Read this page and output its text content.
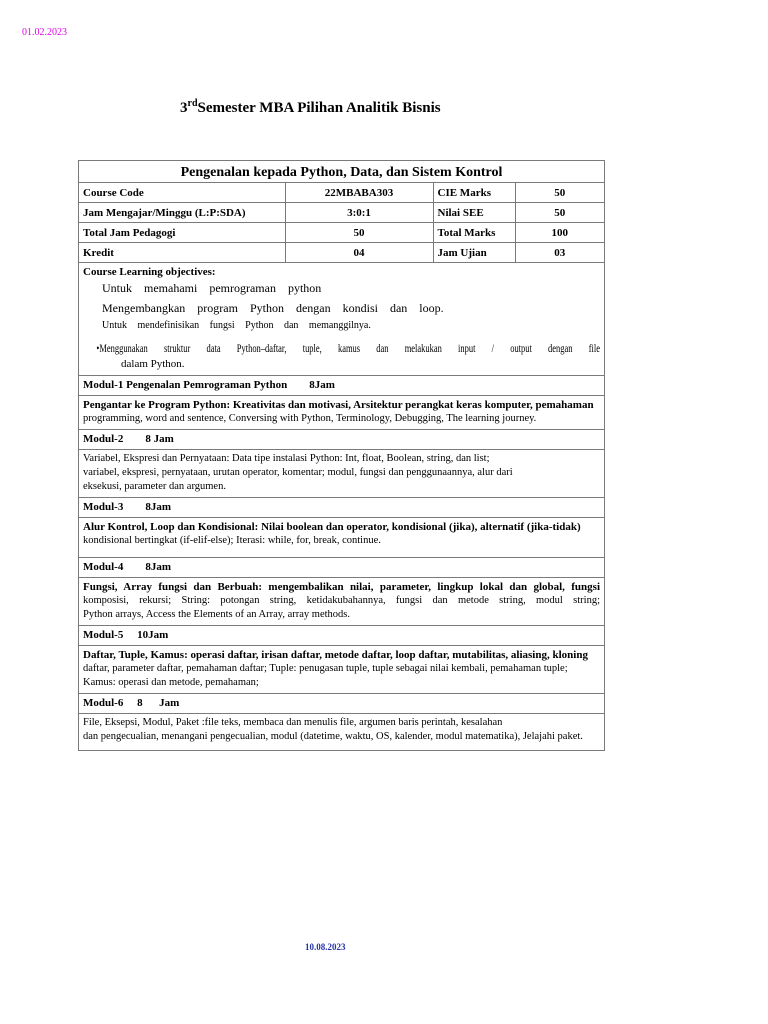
01.02.2023
3rdSemester MBA Pilihan Analitik Bisnis
Pengenalan kepada Python, Data, dan Sistem Kontrol
Course Code	22MBABA303	CIE Marks	50
Jam Mengajar/Minggu (L:P:SDA)	3:0:1	Nilai SEE	50
Total Jam Pedagogi	50	Total Marks	100
Kredit	04	Jam Ujian	03
Course Learning objectives:
Untuk memahami pemrograman python
Mengembangkan program Python dengan kondisi dan loop.
Untuk mendefinisikan fungsi Python dan memanggilnya.
•Menggunakan struktur data Python–daftar, tuple, kamus dan melakukan input / output dengan file
dalam Python.
Modul-1 Pengenalan Pemrograman Python        8Jam
Pengantar ke Program Python: Kreativitas dan motivasi, Arsitektur perangkat keras komputer, pemahaman
programming, word and sentence, Conversing with Python, Terminology, Debugging, The learning journey.
Modul-2        8 Jam
Variabel, Ekspresi dan Pernyataan: Data tipe instalasi Python: Int, float, Boolean, string, dan list;
variabel, ekspresi, pernyataan, urutan operator, komentar; modul, fungsi dan penggunaannya, alur dari
eksekusi, parameter dan argumen.
Modul-3        8Jam
Alur Kontrol, Loop dan Kondisional: Nilai boolean dan operator, kondisional (jika), alternatif (jika-tidak)
kondisional bertingkat (if-elif-else); Iterasi: while, for, break, continue.
Modul-4        8Jam
Fungsi, Array fungsi dan Berbuah: mengembalikan nilai, parameter, lingkup lokal dan global, fungsi
komposisi, rekursi; String: potongan string, ketidakubahannya, fungsi dan metode string, modul string;
Python arrays, Access the Elements of an Array, array methods.
Modul-5     10Jam
Daftar, Tuple, Kamus: operasi daftar, irisan daftar, metode daftar, loop daftar, mutabilitas, aliasing, kloning
daftar, parameter daftar, pemahaman daftar; Tuple: penugasan tuple, tuple sebagai nilai kembali, pemahaman tuple;
Kamus: operasi dan metode, pemahaman;
Modul-6     8      Jam
File, Eksepsi, Modul, Paket :file teks, membaca dan menulis file, argumen baris perintah, kesalahan
dan pengecualian, menangani pengecualian, modul (datetime, waktu, OS, kalender, modul matematika), Jelajahi paket.
10.08.2023
